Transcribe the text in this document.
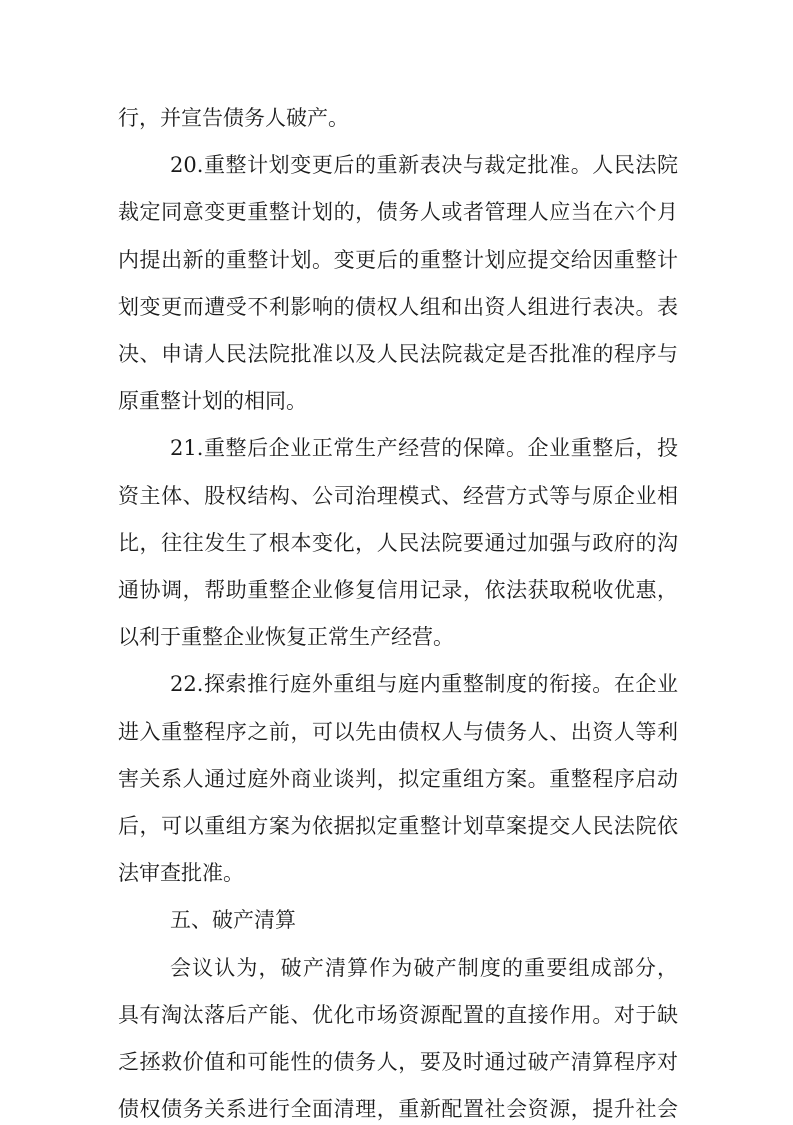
行，并宣告债务人破产。
20.重整计划变更后的重新表决与裁定批准。人民法院
裁定同意变更重整计划的，债务人或者管理人应当在六个月
内提出新的重整计划。变更后的重整计划应提交给因重整计
划变更而遭受不利影响的债权人组和出资人组进行表决。表
决、申请人民法院批准以及人民法院裁定是否批准的程序与
原重整计划的相同。
21.重整后企业正常生产经营的保障。企业重整后，投
资主体、股权结构、公司治理模式、经营方式等与原企业相
比，往往发生了根本变化，人民法院要通过加强与政府的沟
通协调，帮助重整企业修复信用记录，依法获取税收优惠，
以利于重整企业恢复正常生产经营。
22.探索推行庭外重组与庭内重整制度的衔接。在企业
进入重整程序之前，可以先由债权人与债务人、出资人等利
害关系人通过庭外商业谈判，拟定重组方案。重整程序启动
后，可以重组方案为依据拟定重整计划草案提交人民法院依
法审查批准。
五、破产清算
会议认为，破产清算作为破产制度的重要组成部分，
具有淘汰落后产能、优化市场资源配置的直接作用。对于缺
乏拯救价值和可能性的债务人，要及时通过破产清算程序对
债权债务关系进行全面清理，重新配置社会资源，提升社会
